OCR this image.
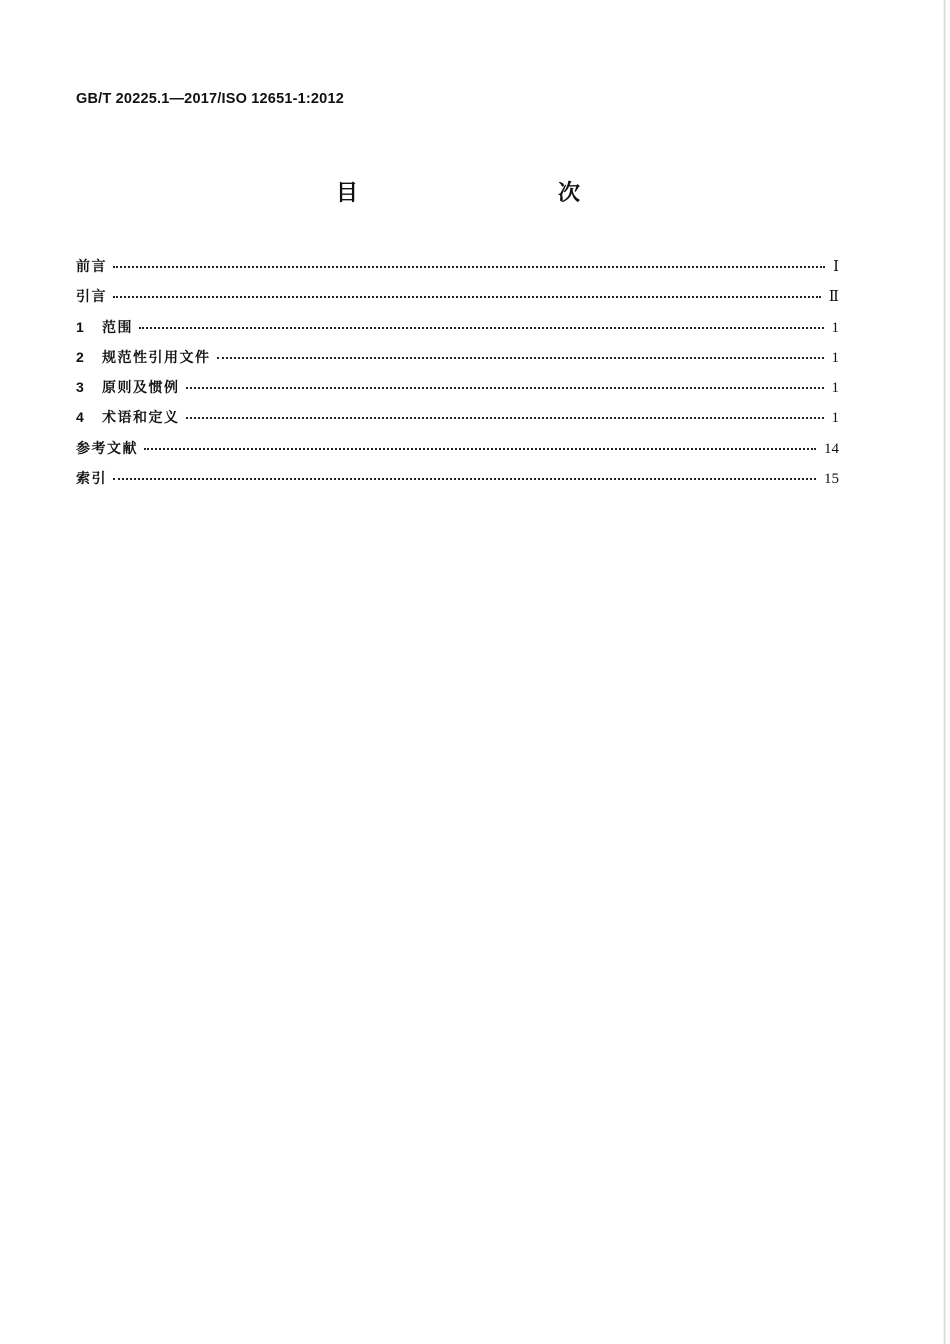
GB/T 20225.1—2017/ISO 12651-1:2012
目　　次
前言	Ⅰ
引言	Ⅱ
1	范围	1
2	规范性引用文件	1
3	原则及惯例	1
4	术语和定义	1
参考文献	14
索引	15
